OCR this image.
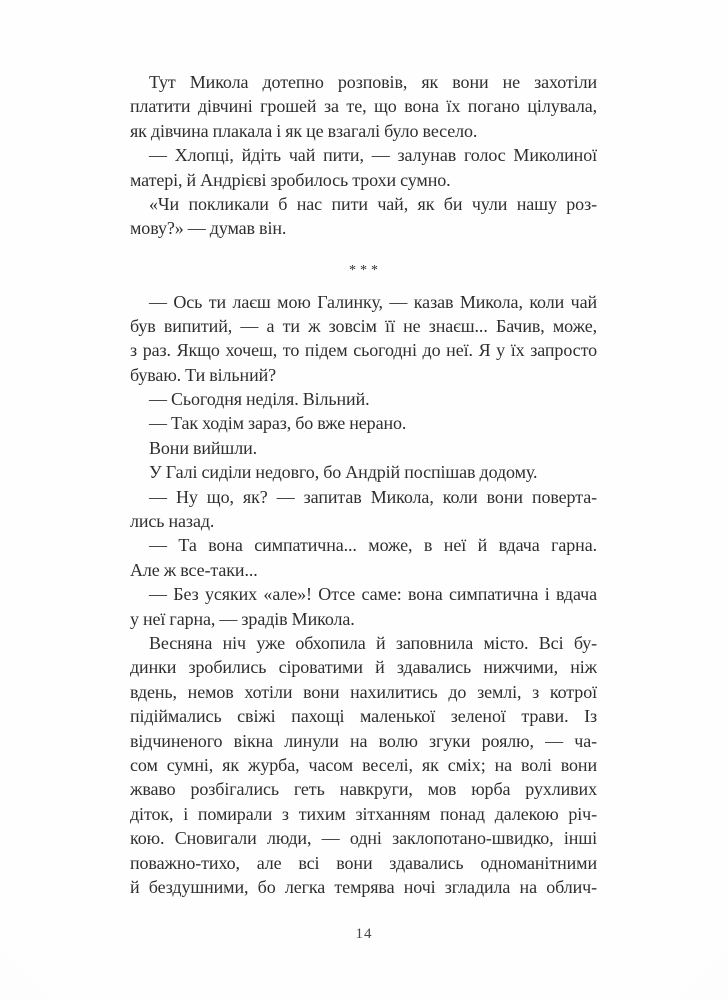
Тут Микола дотепно розповів, як вони не захотіли
платити дівчині грошей за те, що вона їх погано цілувала,
як дівчина плакала і як це взагалі було весело.
— Хлопці, йдіть чай пити, — залунав голос Миколиної
матері, й Андрієві зробилось трохи сумно.
«Чи покликали б нас пити чай, як би чули нашу роз-
мову?» — думав він.
***
— Ось ти лаєш мою Галинку, — казав Микола, коли чай
був випитий, — а ти ж зовсім її не знаєш... Бачив, може,
з раз. Якщо хочеш, то підем сьогодні до неї. Я у їх запросто
буваю. Ти вільний?
— Сьогодня неділя. Вільний.
— Так ходім зараз, бо вже нерано.
Вони вийшли.
У Галі сиділи недовго, бо Андрій поспішав додому.
— Ну що, як? — запитав Микола, коли вони поверта-
лись назад.
— Та вона симпатична... може, в неї й вдача гарна.
Але ж все-таки...
— Без усяких «але»! Отсе саме: вона симпатична і вдача
у неї гарна, — зрадів Микола.
Весняна ніч уже обхопила й заповнила місто. Всі бу-
динки зробились сіроватими й здавались нижчими, ніж
вдень, немов хотіли вони нахилитись до землі, з котрої
підіймались свіжі пахощі маленької зеленої трави. Із
відчиненого вікна линули на волю згуки роялю, — ча-
сом сумні, як журба, часом веселі, як сміх; на волі вони
жваво розбігались геть навкруги, мов юрба рухливих
діток, і помирали з тихим зітханням понад далекою річ-
кою. Сновигали люди, — одні заклопотано-швидко, інші
поважно-тихо, але всі вони здавались одноманітними
й бездушними, бо легка темрява ночі згладила на облич-
14
